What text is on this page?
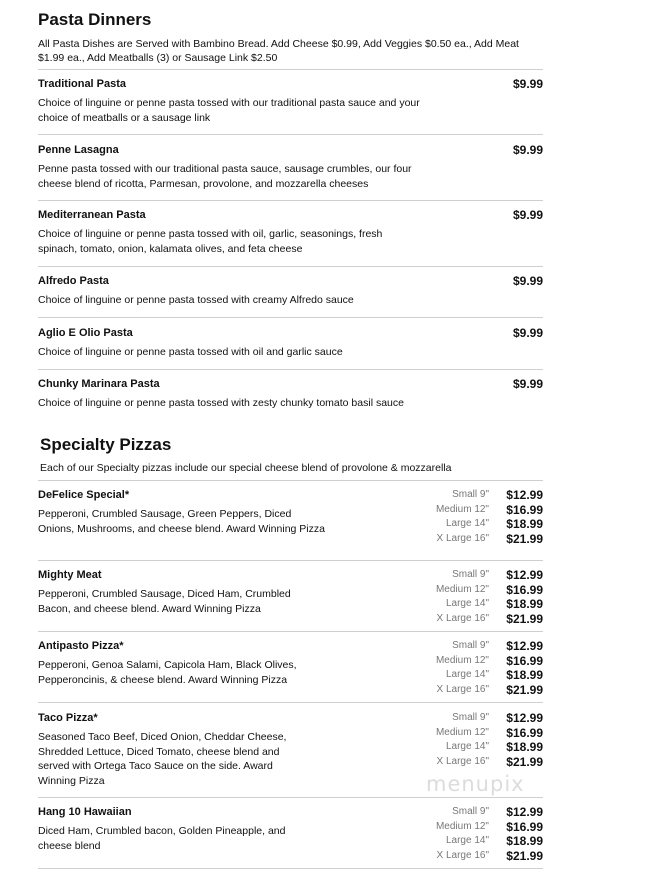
Pasta Dinners
All Pasta Dishes are Served with Bambino Bread. Add Cheese $0.99, Add Veggies $0.50 ea., Add Meat $1.99 ea., Add Meatballs (3) or Sausage Link $2.50
Traditional Pasta
Choice of linguine or penne pasta tossed with our traditional pasta sauce and your choice of meatballs or a sausage link
$9.99
Penne Lasagna
Penne pasta tossed with our traditional pasta sauce, sausage crumbles, our four cheese blend of ricotta, Parmesan, provolone, and mozzarella cheeses
$9.99
Mediterranean Pasta
Choice of linguine or penne pasta tossed with oil, garlic, seasonings, fresh spinach, tomato, onion, kalamata olives, and feta cheese
$9.99
Alfredo Pasta
Choice of linguine or penne pasta tossed with creamy Alfredo sauce
$9.99
Aglio E Olio Pasta
Choice of linguine or penne pasta tossed with oil and garlic sauce
$9.99
Chunky Marinara Pasta
Choice of linguine or penne pasta tossed with zesty chunky tomato basil sauce
$9.99
Specialty Pizzas
Each of our Specialty pizzas include our special cheese blend of provolone & mozzarella
DeFelice Special*
Pepperoni, Crumbled Sausage, Green Peppers, Diced Onions, Mushrooms, and cheese blend. Award Winning Pizza
Small 9" $12.99
Medium 12" $16.99
Large 14" $18.99
X Large 16" $21.99
Mighty Meat
Pepperoni, Crumbled Sausage, Diced Ham, Crumbled Bacon, and cheese blend. Award Winning Pizza
Small 9" $12.99
Medium 12" $16.99
Large 14" $18.99
X Large 16" $21.99
Antipasto Pizza*
Pepperoni, Genoa Salami, Capicola Ham, Black Olives, Pepperoncinis, & cheese blend. Award Winning Pizza
Small 9" $12.99
Medium 12" $16.99
Large 14" $18.99
X Large 16" $21.99
Taco Pizza*
Seasoned Taco Beef, Diced Onion, Cheddar Cheese, Shredded Lettuce, Diced Tomato, cheese blend and served with Ortega Taco Sauce on the side. Award Winning Pizza
Small 9" $12.99
Medium 12" $16.99
Large 14" $18.99
X Large 16" $21.99
Hang 10 Hawaiian
Diced Ham, Crumbled bacon, Golden Pineapple, and cheese blend
Small 9" $12.99
Medium 12" $16.99
Large 14" $18.99
X Large 16" $21.99
menupix
